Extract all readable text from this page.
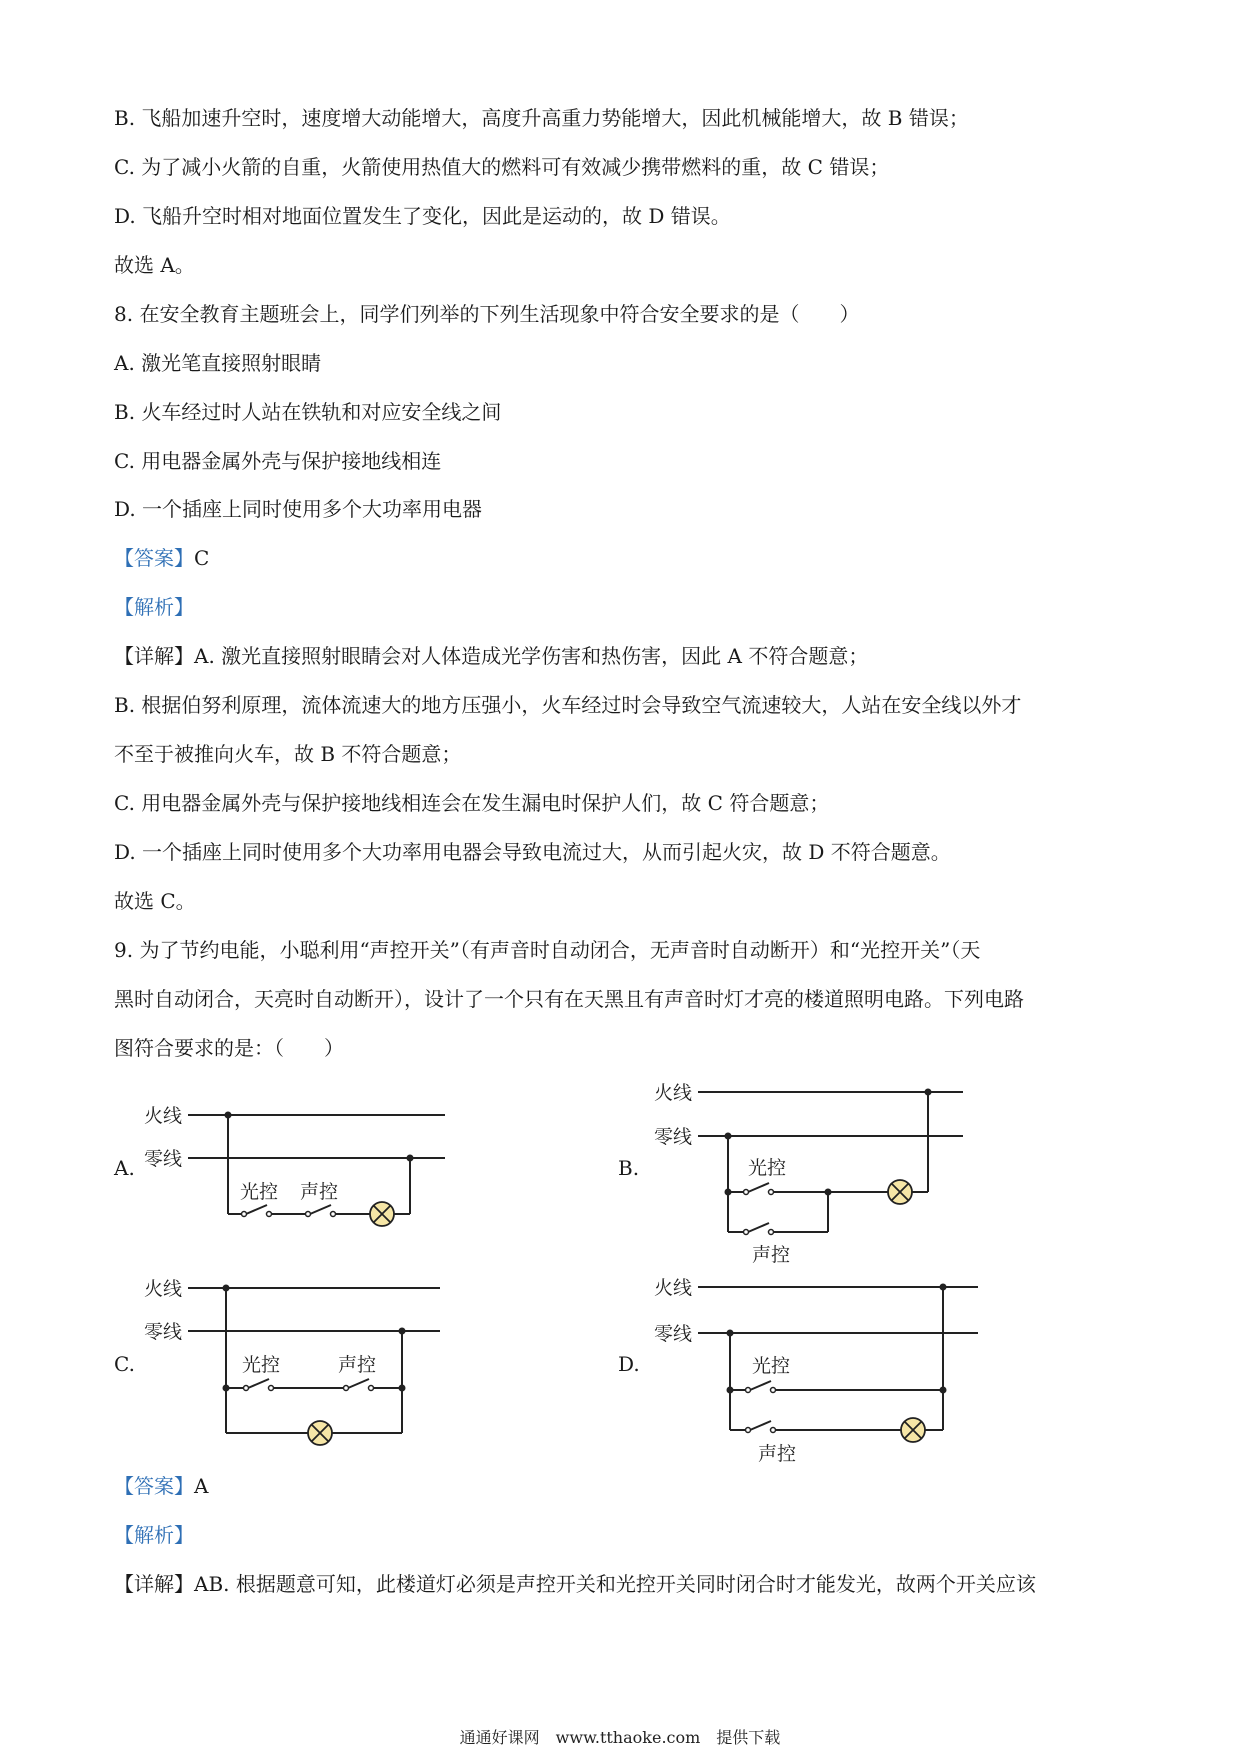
B. 飞船加速升空时，速度增大动能增大，高度升高重力势能增大，因此机械能增大，故 B 错误；
C. 为了减小火箭的自重，火箭使用热值大的燃料可有效减少携带燃料的重，故 C 错误；
D. 飞船升空时相对地面位置发生了变化，因此是运动的，故 D 错误。
故选 A。
8. 在安全教育主题班会上，同学们列举的下列生活现象中符合安全要求的是（　　）
A. 激光笔直接照射眼睛
B. 火车经过时人站在铁轨和对应安全线之间
C. 用电器金属外壳与保护接地线相连
D. 一个插座上同时使用多个大功率用电器
【答案】C
【解析】
【详解】A. 激光直接照射眼睛会对人体造成光学伤害和热伤害，因此 A 不符合题意；
B. 根据伯努利原理，流体流速大的地方压强小，火车经过时会导致空气流速较大，人站在安全线以外才
不至于被推向火车，故 B 不符合题意；
C. 用电器金属外壳与保护接地线相连会在发生漏电时保护人们，故 C 符合题意；
D. 一个插座上同时使用多个大功率用电器会导致电流过大，从而引起火灾，故 D 不符合题意。
故选 C。
9. 为了节约电能，小聪利用“声控开关”（有声音时自动闭合，无声音时自动断开）和“光控开关”（天
黑时自动闭合，天亮时自动断开），设计了一个只有在天黑且有声音时灯才亮的楼道照明电路。下列电路
图符合要求的是：（　　）
A.	B.
C.	D.
火线
零线
光控 声控
火线
零线
光控
声控
火线
零线
光控	声控
火线
零线
光控
声控
【答案】A
【解析】
【详解】AB. 根据题意可知，此楼道灯必须是声控开关和光控开关同时闭合时才能发光，故两个开关应该
通通好课网　www.tthaoke.com　提供下载
